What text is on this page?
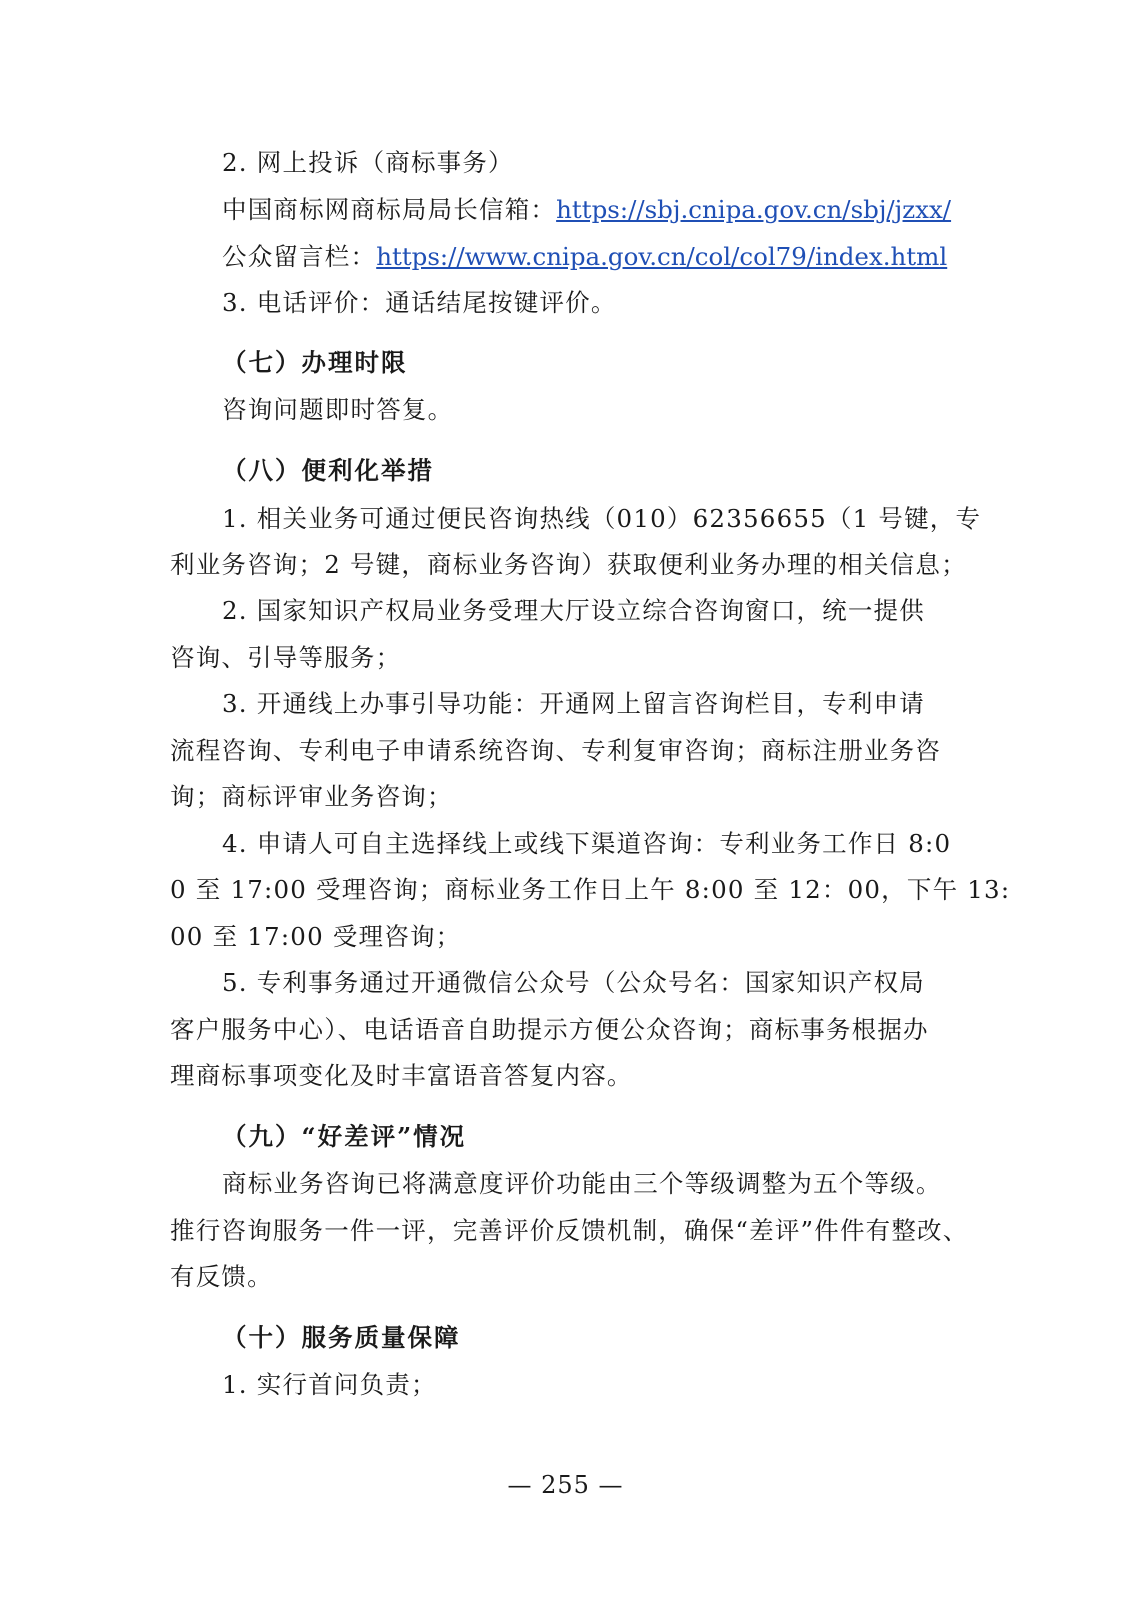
2. 网上投诉（商标事务）
中国商标网商标局局长信箱：https://sbj.cnipa.gov.cn/sbj/jzxx/
公众留言栏：https://www.cnipa.gov.cn/col/col79/index.html
3. 电话评价：通话结尾按键评价。
（七）办理时限
咨询问题即时答复。
（八）便利化举措
1. 相关业务可通过便民咨询热线（010）62356655（1 号键，专
利业务咨询；2 号键，商标业务咨询）获取便利业务办理的相关信息；
2. 国家知识产权局业务受理大厅设立综合咨询窗口，统一提供
咨询、引导等服务；
3. 开通线上办事引导功能：开通网上留言咨询栏目，专利申请
流程咨询、专利电子申请系统咨询、专利复审咨询；商标注册业务咨
询；商标评审业务咨询；
4. 申请人可自主选择线上或线下渠道咨询：专利业务工作日 8:0
0 至 17:00 受理咨询；商标业务工作日上午 8:00 至 12：00，下午 13:
00 至 17:00 受理咨询；
5. 专利事务通过开通微信公众号（公众号名：国家知识产权局
客户服务中心）、电话语音自助提示方便公众咨询；商标事务根据办
理商标事项变化及时丰富语音答复内容。
（九）“好差评”情况
商标业务咨询已将满意度评价功能由三个等级调整为五个等级。
推行咨询服务一件一评，完善评价反馈机制，确保“差评”件件有整改、
有反馈。
（十）服务质量保障
1. 实行首问负责；
— 255 —
